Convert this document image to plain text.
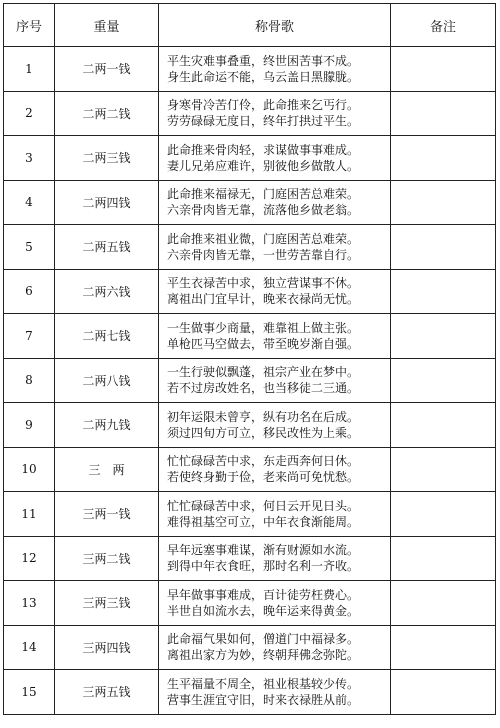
序号	重量	称骨歌	备注
1	二两一钱	平生灾难事叠重，终世困苦事不成。
身生此命运不能，乌云盖日黑朦胧。	

2	二两二钱	身寒骨冷苦仃伶，此命推来乞丐行。
劳劳碌碌无度日，终年打拱过平生。	

3	二两三钱	此命推来骨肉轻，求谋做事事难成。
妻儿兄弟应难许，别彼他乡做散人。	

4	二两四钱	此命推来福禄无，门庭困苦总难荣。
六亲骨肉皆无靠，流落他乡做老翁。	

5	二两五钱	此命推来祖业微，门庭困苦总难荣。
六亲骨肉皆无靠，一世劳苦靠自行。	

6	二两六钱	平生衣禄苦中求，独立营谋事不休。
离祖出门宜早计，晚来衣禄尚无忧。	

7	二两七钱	一生做事少商量，难靠祖上做主张。
单枪匹马空做去，带至晚岁渐自强。	

8	二两八钱	一生行驶似飘蓬，祖宗产业在梦中。
若不过房改姓名，也当移徒二三通。	

9	二两九钱	初年运限未曾亨，纵有功名在后成。
须过四旬方可立，移民改性为上乘。	

10	三　两	忙忙碌碌苦中求，东走西奔何日休。
若使终身勤于俭，老来尚可免忧愁。	

11	三两一钱	忙忙碌碌苦中求，何日云开见日头。
难得祖基空可立，中年衣食渐能周。	

12	三两二钱	早年远塞事难谋，渐有财源如水流。
到得中年衣食旺，那时名利一齐收。	

13	三两三钱	早年做事事难成，百计徒劳枉费心。
半世自如流水去，晚年运来得黄金。	

14	三两四钱	此命福气果如何，僧道门中福禄多。
离祖出家方为妙，终朝拜佛念弥陀。	

15	三两五钱	生平福量不周全，祖业根基较少传。
营事生涯宜守旧，时来衣禄胜从前。	
